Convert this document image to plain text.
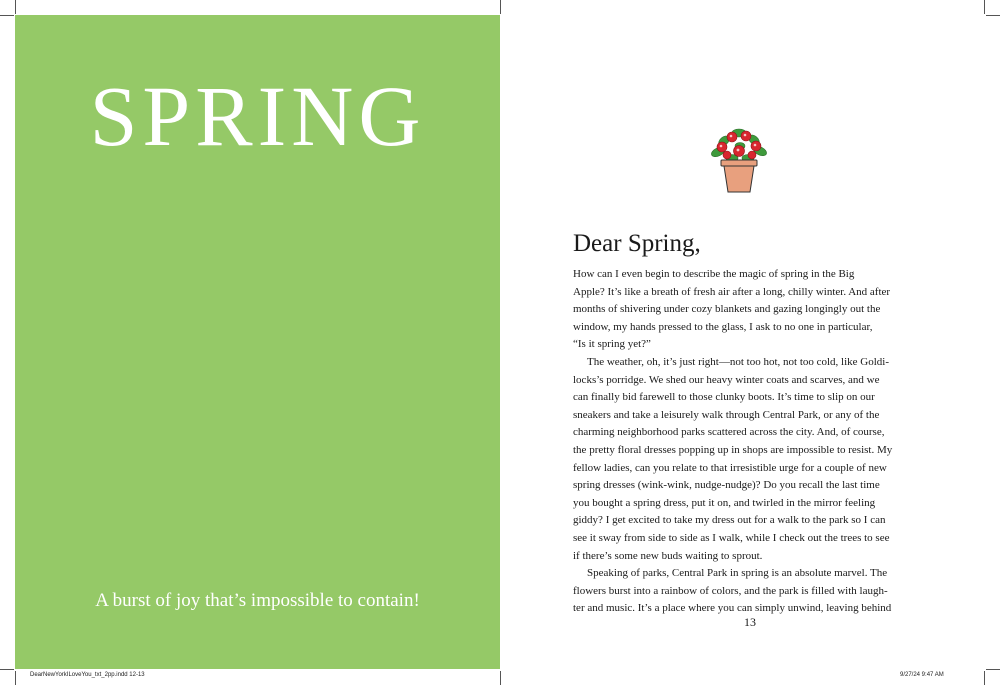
SPRING
A burst of joy that’s impossible to contain!
Dear Spring,
How can I even begin to describe the magic of spring in the Big
Apple? It’s like a breath of fresh air after a long, chilly winter. And after
months of shivering under cozy blankets and gazing longingly out the
window, my hands pressed to the glass, I ask to no one in particular,
“Is it spring yet?”
The weather, oh, it’s just right—not too hot, not too cold, like Goldi-
locks’s porridge. We shed our heavy winter coats and scarves, and we
can finally bid farewell to those clunky boots. It’s time to slip on our
sneakers and take a leisurely walk through Central Park, or any of the
charming neighborhood parks scattered across the city. And, of course,
the pretty floral dresses popping up in shops are impossible to resist. My
fellow ladies, can you relate to that irresistible urge for a couple of new
spring dresses (wink-wink, nudge-nudge)? Do you recall the last time
you bought a spring dress, put it on, and twirled in the mirror feeling
giddy? I get excited to take my dress out for a walk to the park so I can
see it sway from side to side as I walk, while I check out the trees to see
if there’s some new buds waiting to sprout.
Speaking of parks, Central Park in spring is an absolute marvel. The
flowers burst into a rainbow of colors, and the park is filled with laugh-
ter and music. It’s a place where you can simply unwind, leaving behind
13
DearNewYorkILoveYou_txt_2pp.indd 12-13	9/27/24 9:47 AM
